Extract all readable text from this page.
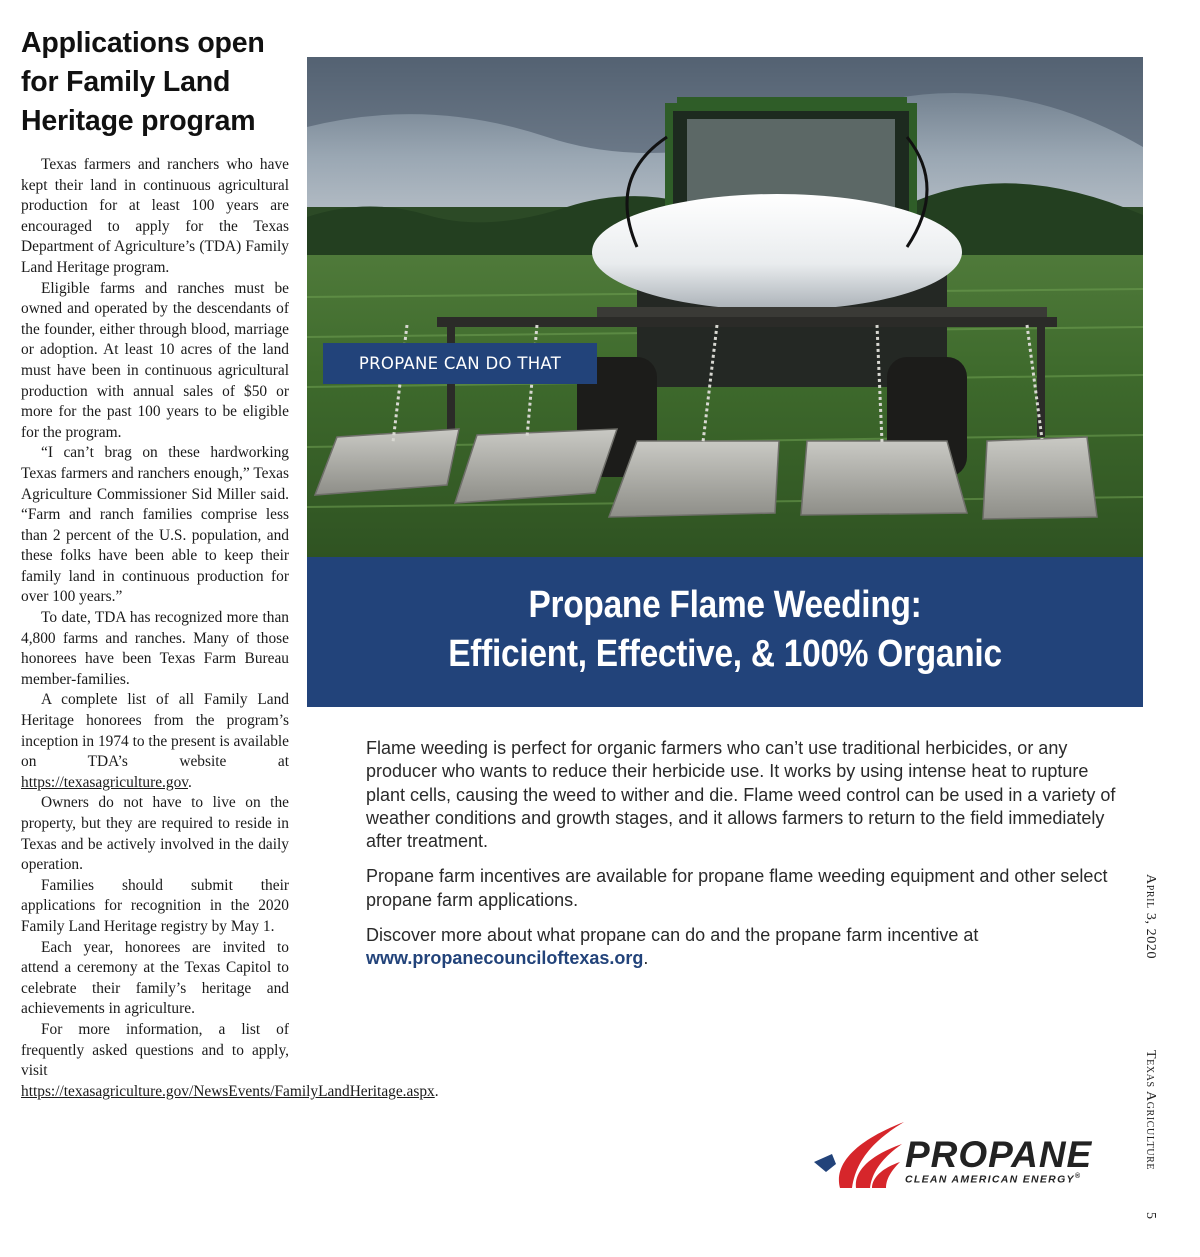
Applications open for Family Land Heritage program

Texas farmers and ranchers who have kept their land in continuous agricultural production for at least 100 years are encouraged to apply for the Texas Department of Agriculture’s (TDA) Family Land Heritage program.

Eligible farms and ranches must be owned and operated by the descendants of the founder, either through blood, marriage or adoption. At least 10 acres of the land must have been in continuous agricultural production with annual sales of $50 or more for the past 100 years to be eligible for the program.

“I can’t brag on these hardworking Texas farmers and ranchers enough,” Texas Agriculture Commissioner Sid Miller said. “Farm and ranch families comprise less than 2 percent of the U.S. population, and these folks have been able to keep their family land in continuous production for over 100 years.”

To date, TDA has recognized more than 4,800 farms and ranches. Many of those honorees have been Texas Farm Bureau member-families.

A complete list of all Family Land Heritage honorees from the program’s inception in 1974 to the present is available on TDA’s website at https://texasagriculture.gov.

Owners do not have to live on the property, but they are required to reside in Texas and be actively involved in the daily operation.

Families should submit their applications for recognition in the 2020 Family Land Heritage registry by May 1.

Each year, honorees are invited to attend a ceremony at the Texas Capitol to celebrate their family’s heritage and achievements in agriculture.

For more information, a list of frequently asked questions and to apply, visit https://texasagriculture.gov/NewsEvents/FamilyLandHeritage.aspx.

PROPANE CAN DO THAT
Propane Flame Weeding:
Efficient, Effective, & 100% Organic

Flame weeding is perfect for organic farmers who can’t use traditional herbicides, or any producer who wants to reduce their herbicide use. It works by using intense heat to rupture plant cells, causing the weed to wither and die. Flame weed control can be used in a variety of weather conditions and growth stages, and it allows farmers to return to the field immediately after treatment.

Propane farm incentives are available for propane flame weeding equipment and other select propane farm applications.

Discover more about what propane can do and the propane farm incentive at
www.propanecounciloftexas.org.

PROPANE
CLEAN AMERICAN ENERGY®
April 3, 2020
Texas Agriculture
5
